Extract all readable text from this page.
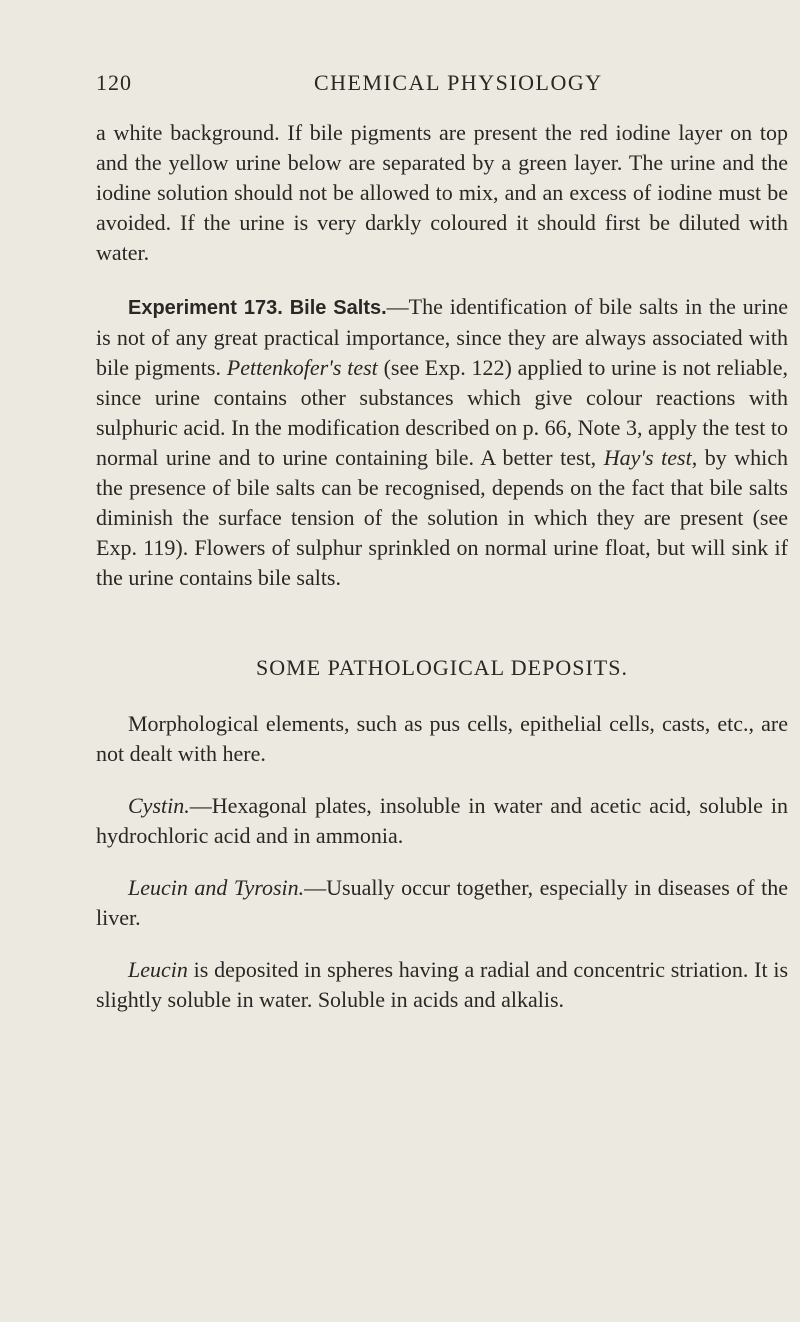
120	CHEMICAL PHYSIOLOGY

a white background. If bile pigments are present the red iodine layer on top and the yellow urine below are separated by a green layer. The urine and the iodine solution should not be allowed to mix, and an excess of iodine must be avoided. If the urine is very darkly coloured it should first be diluted with water.

Experiment 173. Bile Salts.—The identification of bile salts in the urine is not of any great practical importance, since they are always associated with bile pigments. Pettenkofer's test (see Exp. 122) applied to urine is not reliable, since urine contains other substances which give colour reactions with sulphuric acid. In the modification described on p. 66, Note 3, apply the test to normal urine and to urine containing bile. A better test, Hay's test, by which the presence of bile salts can be recognised, depends on the fact that bile salts diminish the surface tension of the solution in which they are present (see Exp. 119). Flowers of sulphur sprinkled on normal urine float, but will sink if the urine contains bile salts.

SOME PATHOLOGICAL DEPOSITS.

Morphological elements, such as pus cells, epithelial cells, casts, etc., are not dealt with here.

Cystin.—Hexagonal plates, insoluble in water and acetic acid, soluble in hydrochloric acid and in ammonia.

Leucin and Tyrosin.—Usually occur together, especially in diseases of the liver.

Leucin is deposited in spheres having a radial and concentric striation. It is slightly soluble in water. Soluble in acids and alkalis.
